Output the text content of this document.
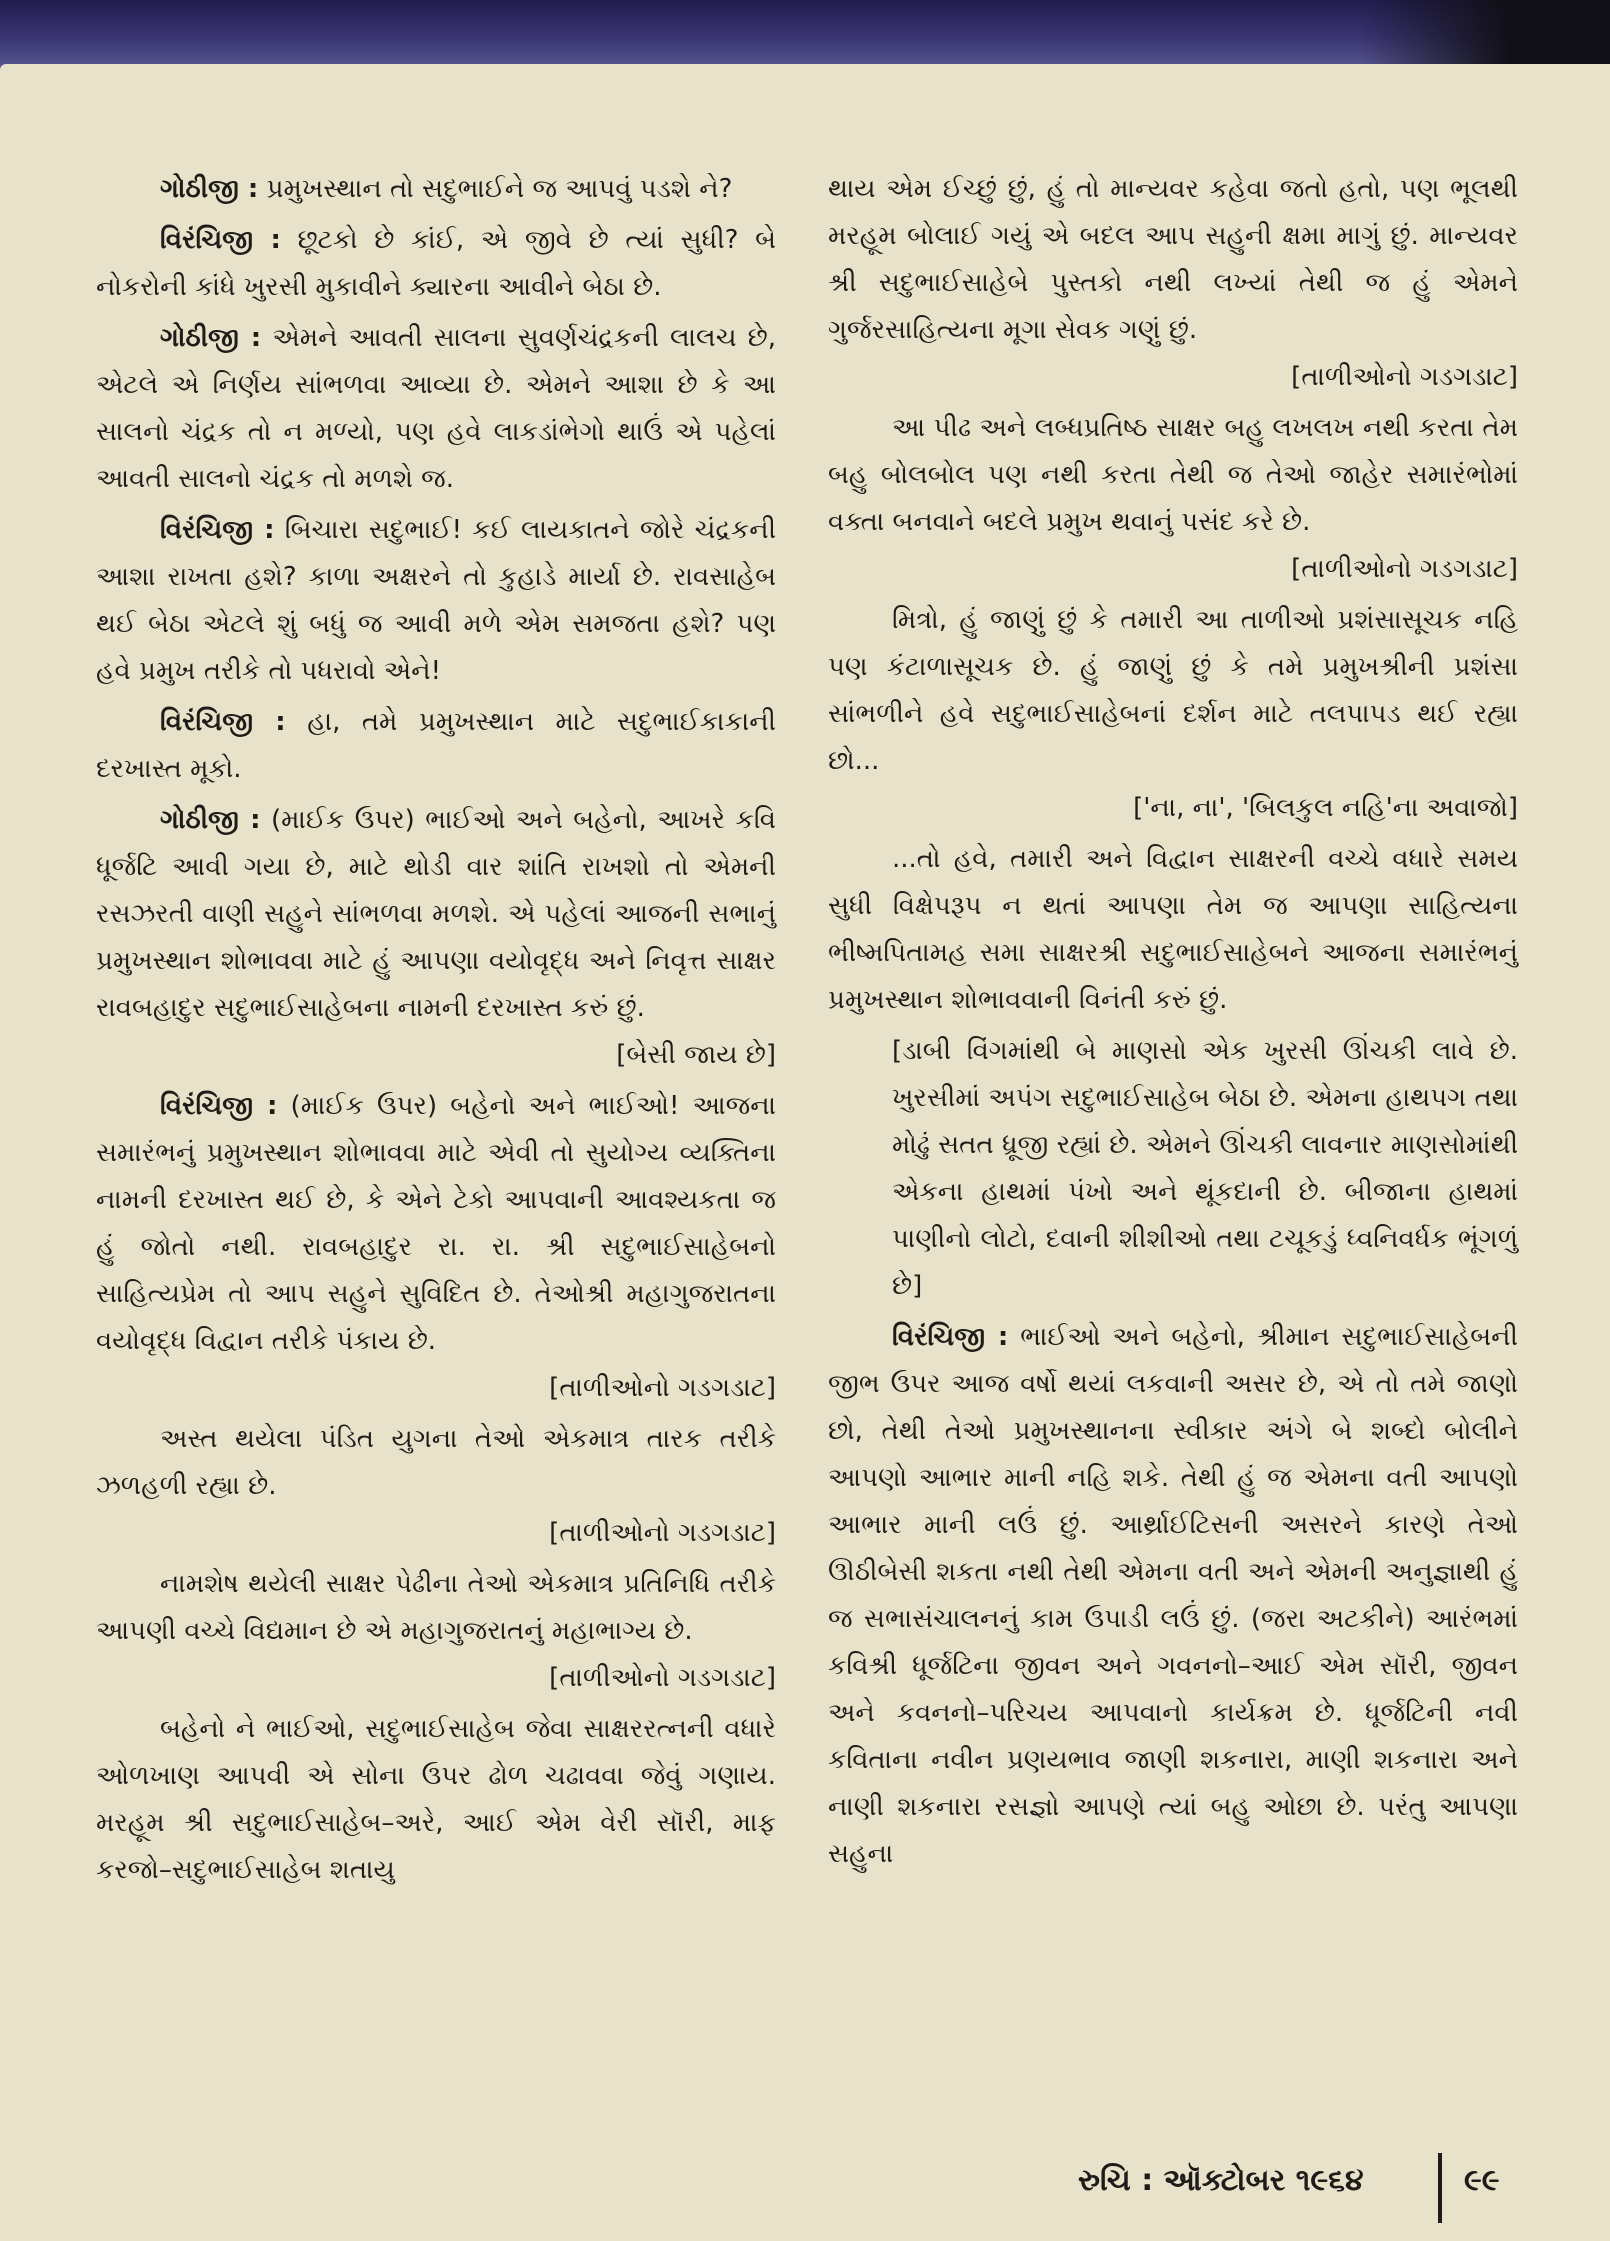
ગોઠીજી : પ્રમુખસ્થાન તો સદુભાઈને જ આપવું પડશે ને?

વિરંચિજી : છૂટકો છે કાંઈ, એ જીવે છે ત્યાં સુધી? બે નોકરોની કાંધે ખુરસી મુકાવીને ક્યારના આવીને બેઠા છે.

ગોઠીજી : એમને આવતી સાલના સુવર્ણચંદ્રકની લાલચ છે, એટલે એ નિર્ણય સાંભળવા આવ્યા છે. એમને આશા છે કે આ સાલનો ચંદ્રક તો ન મળ્યો, પણ હવે લાકડાંભેગો થાઉં એ પહેલાં આવતી સાલનો ચંદ્રક તો મળશે જ.

વિરંચિજી : બિચારા સદુભાઈ! કઈ લાયકાતને જોરે ચંદ્રકની આશા રાખતા હશે? કાળા અક્ષરને તો કુહાડે માર્યા છે. રાવસાહેબ થઈ બેઠા એટલે શું બધું જ આવી મળે એમ સમજતા હશે? પણ હવે પ્રમુખ તરીકે તો પધરાવો એને!

વિરંચિજી : હા, તમે પ્રમુખસ્થાન માટે સદુભાઈકાકાની દરખાસ્ત મૂકો.

ગોઠીજી : (માઈક ઉપર) ભાઈઓ અને બહેનો, આખરે કવિ ધૂર્જટિ આવી ગયા છે, માટે થોડી વાર શાંતિ રાખશો તો એમની રસઝરતી વાણી સહુને સાંભળવા મળશે. એ પહેલાં આજની સભાનું પ્રમુખસ્થાન શોભાવવા માટે હું આપણા વયોવૃદ્ધ અને નિવૃત્ત સાક્ષર રાવબહાદુર સદુભાઈસાહેબના નામની દરખાસ્ત કરું છું.
[બેસી જાય છે]

વિરંચિજી : (માઈક ઉપર) બહેનો અને ભાઈઓ! આજના સમારંભનું પ્રમુખસ્થાન શોભાવવા માટે એવી તો સુયોગ્ય વ્યક્તિના નામની દરખાસ્ત થઈ છે, કે એને ટેકો આપવાની આવશ્યકતા જ હું જોતો નથી. રાવબહાદુર રા. રા. શ્રી સદુભાઈસાહેબનો સાહિત્યપ્રેમ તો આપ સહુને સુવિદિત છે. તેઓશ્રી મહાગુજરાતના વયોવૃદ્ધ વિદ્વાન તરીકે પંકાય છે.
[તાળીઓનો ગડગડાટ]

અસ્ત થયેલા પંડિત યુગના તેઓ એકમાત્ર તારક તરીકે ઝળહળી રહ્યા છે.
[તાળીઓનો ગડગડાટ]

નામશેષ થયેલી સાક્ષર પેઢીના તેઓ એકમાત્ર પ્રતિનિધિ તરીકે આપણી વચ્ચે વિદ્યમાન છે એ મહાગુજરાતનું મહાભાગ્ય છે.
[તાળીઓનો ગડગડાટ]

બહેનો ને ભાઈઓ, સદુભાઈસાહેબ જેવા સાક્ષરરત્નની વધારે ઓળખાણ આપવી એ સોના ઉપર ઢોળ ચઢાવવા જેવું ગણાય. મરહૂમ શ્રી સદુભાઈસાહેબ–અરે, આઈ એમ વેરી સૉરી, માફ કરજો–સદુભાઈસાહેબ શતાયુ

થાય એમ ઈચ્છું છું, હું તો માન્યવર કહેવા જતો હતો, પણ ભૂલથી મરહૂમ બોલાઈ ગયું એ બદલ આપ સહુની ક્ષમા માગું છું. માન્યવર શ્રી સદુભાઈસાહેબે પુસ્તકો નથી લખ્યાં તેથી જ હું એમને ગુર્જરસાહિત્યના મૂગા સેવક ગણું છું.
[તાળીઓનો ગડગડાટ]

આ પીઢ અને લબ્ધપ્રતિષ્ઠ સાક્ષર બહુ લખલખ નથી કરતા તેમ બહુ બોલબોલ પણ નથી કરતા તેથી જ તેઓ જાહેર સમારંભોમાં વક્તા બનવાને બદલે પ્રમુખ થવાનું પસંદ કરે છે.
[તાળીઓનો ગડગડાટ]

મિત્રો, હું જાણું છું કે તમારી આ તાળીઓ પ્રશંસાસૂચક નહિ પણ કંટાળાસૂચક છે. હું જાણું છું કે તમે પ્રમુખશ્રીની પ્રશંસા સાંભળીને હવે સદુભાઈસાહેબનાં દર્શન માટે તલપાપડ થઈ રહ્યા છો...
['ના, ના', 'બિલકુલ નહિ'ના અવાજો]

...તો હવે, તમારી અને વિદ્વાન સાક્ષરની વચ્ચે વધારે સમય સુધી વિક્ષેપરૂપ ન થતાં આપણા તેમ જ આપણા સાહિત્યના ભીષ્મપિતામહ સમા સાક્ષરશ્રી સદુભાઈસાહેબને આજના સમારંભનું પ્રમુખસ્થાન શોભાવવાની વિનંતી કરું છું.

[ડાબી વિંગમાંથી બે માણસો એક ખુરસી ઊંચકી લાવે છે. ખુરસીમાં અપંગ સદુભાઈસાહેબ બેઠા છે. એમના હાથપગ તથા મોઢું સતત ધ્રૂજી રહ્યાં છે. એમને ઊંચકી લાવનાર માણસોમાંથી એકના હાથમાં પંખો અને થૂંકદાની છે. બીજાના હાથમાં પાણીનો લોટો, દવાની શીશીઓ તથા ટચૂકડું ધ્વનિવર્ધક ભૂંગળું છે]

વિરંચિજી : ભાઈઓ અને બહેનો, શ્રીમાન સદુભાઈસાહેબની જીભ ઉપર આજ વર્ષો થયાં લકવાની અસર છે, એ તો તમે જાણો છો, તેથી તેઓ પ્રમુખસ્થાનના સ્વીકાર અંગે બે શબ્દો બોલીને આપણો આભાર માની નહિ શકે. તેથી હું જ એમના વતી આપણો આભાર માની લઉં છું. આર્થ્રાઈટિસની અસરને કારણે તેઓ ઊઠીબેસી શકતા નથી તેથી એમના વતી અને એમની અનુજ્ઞાથી હું જ સભાસંચાલનનું કામ ઉપાડી લઉં છું. (જરા અટકીને) આરંભમાં કવિશ્રી ધૂર્જટિના જીવન અને ગવનનો–આઈ એમ સૉરી, જીવન અને કવનનો–પરિચય આપવાનો કાર્યક્રમ છે. ધૂર્જટિની નવી કવિતાના નવીન પ્રણયભાવ જાણી શકનારા, માણી શકનારા અને નાણી શકનારા રસજ્ઞો આપણે ત્યાં બહુ ઓછા છે. પરંતુ આપણા સહુના

રુચિ : ઑક્ટોબર ૧૯૬૪	૯૯
